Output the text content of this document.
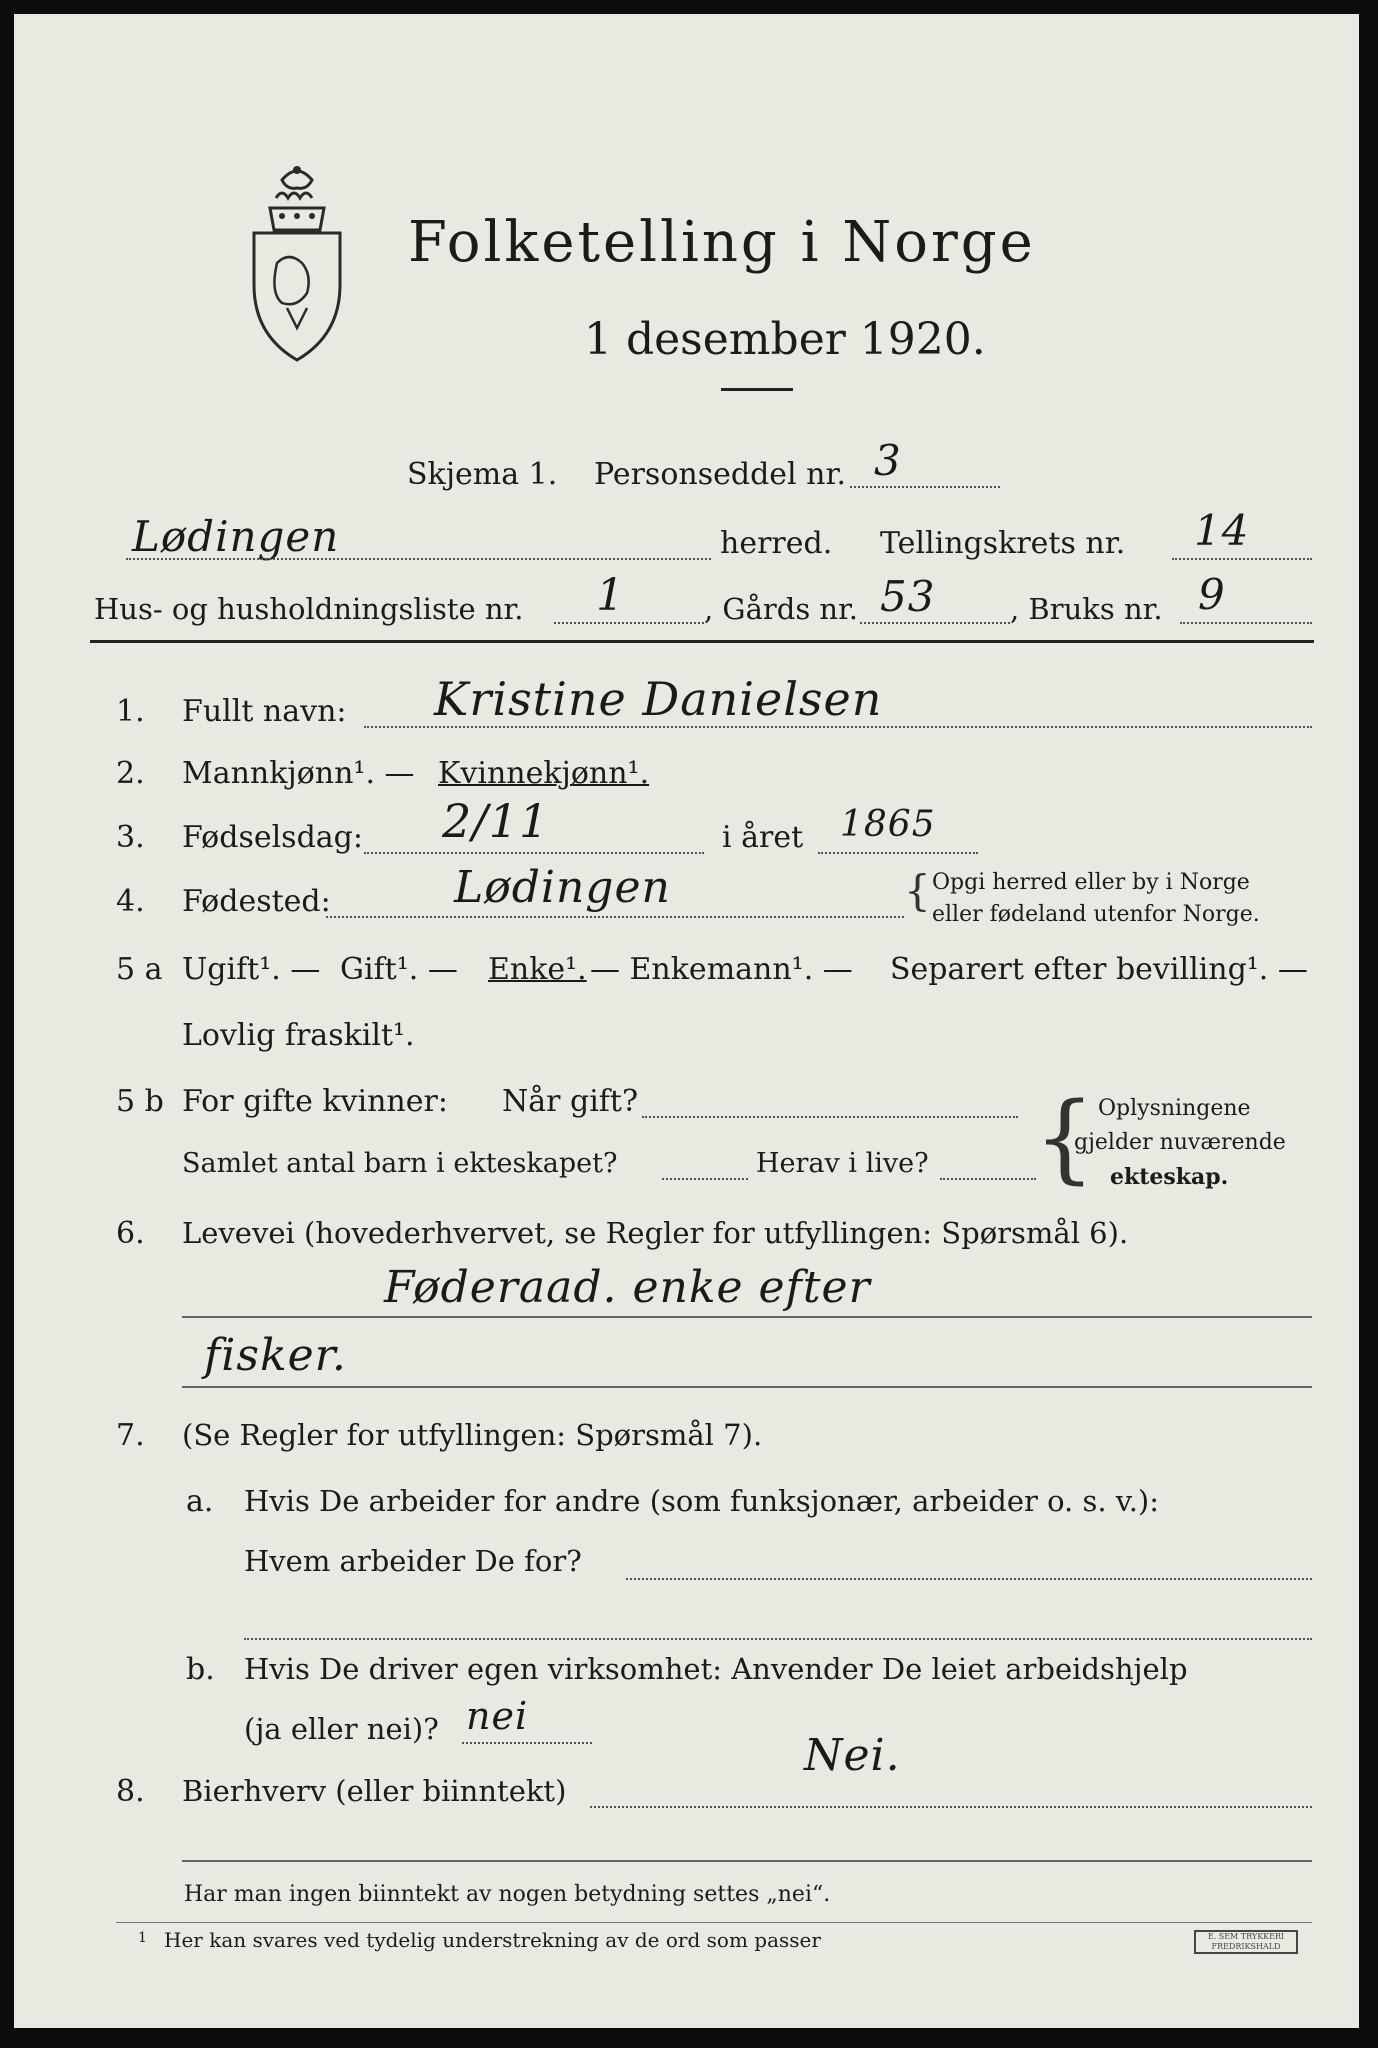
Folketelling i Norge
1 desember 1920.
Skjema 1. Personseddel nr. 3
Lødingen	herred. Tellingskrets nr. 14
Hus- og husholdningsliste nr. 1	, Gårds nr. 53	, Bruks nr. 9
1. Fullt navn: Kristine Danielsen
2. Mannkjønn¹. — Kvinnekjønn¹.
3. Fødselsdag: 2/11	i året 1865
4. Fødested:	Lødingen	{ Opgi herred eller by i Norge
eller fødeland utenfor Norge.
5 a Ugift¹. — Gift¹. — Enke¹. — Enkemann¹. — Separert efter bevilling¹. —
Lovlig fraskilt¹.
5 b For gifte kvinner: Når gift?
Samlet antal barn i ekteskapet?	Herav i live? { Oplysningene
gjelder nuværende
ekteskap.
6. Levevei (hovederhvervet, se Regler for utfyllingen: Spørsmål 6).
Føderaad. enke efter
fisker.
7. (Se Regler for utfyllingen: Spørsmål 7).
a. Hvis De arbeider for andre (som funksjonær, arbeider o. s. v.):
Hvem arbeider De for?
b. Hvis De driver egen virksomhet: Anvender De leiet arbeidshjelp
(ja eller nei)? nei
8. Bierhverv (eller biinntekt)
Nei.
Har man ingen biinntekt av nogen betydning settes „nei“.
1 Her kan svares ved tydelig understrekning av de ord som passer	E. SEM TRYKKERI FREDRIKSHALD
